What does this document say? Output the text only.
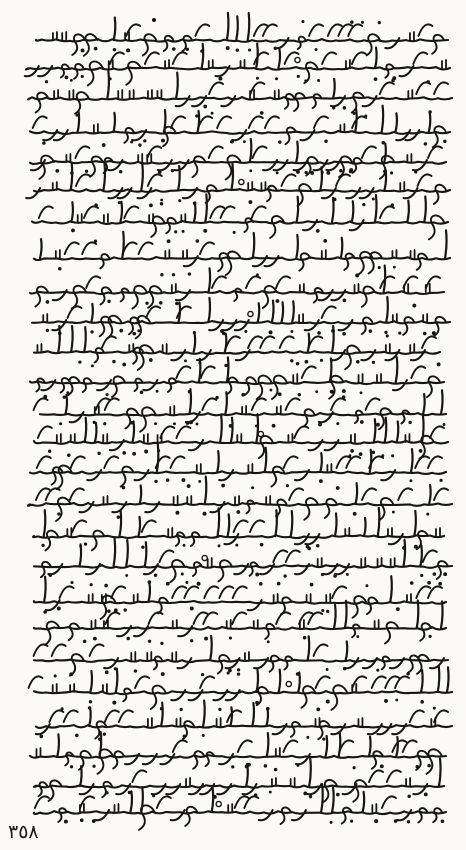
٣٥٨
